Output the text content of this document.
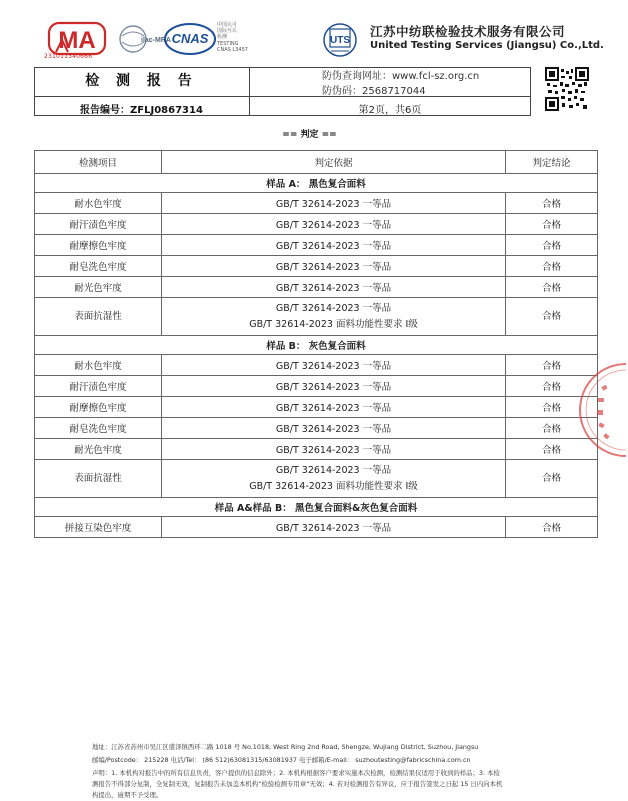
MA
231011340666
ilac-MRA CNAS
中国认可
国际互认
检测
TESTING
CNAS L3457
UTS
江苏中纺联检验技术服务有限公司
United Testing Services (Jiangsu) Co.,Ltd.
检 测 报 告
报告编号：ZFLJ0867314
防伪查询网址：www.fcl-sz.org.cn
防伪码：2568717044
第2页，共6页
== 判定 ==
检测项目	判定依据	判定结论
样品 A： 黑色复合面料		
耐水色牢度	GB/T 32614-2023 一等品	合格
耐汗渍色牢度	GB/T 32614-2023 一等品	合格
耐摩擦色牢度	GB/T 32614-2023 一等品	合格
耐皂洗色牢度	GB/T 32614-2023 一等品	合格
耐光色牢度	GB/T 32614-2023 一等品	合格
表面抗湿性	GB/T 32614-2023 一等品
GB/T 32614-2023 面料功能性要求 Ⅰ级	合格
样品 B： 灰色复合面料		
耐水色牢度	GB/T 32614-2023 一等品	合格
耐汗渍色牢度	GB/T 32614-2023 一等品	合格
耐摩擦色牢度	GB/T 32614-2023 一等品	合格
耐皂洗色牢度	GB/T 32614-2023 一等品	合格
耐光色牢度	GB/T 32614-2023 一等品	合格
表面抗湿性	GB/T 32614-2023 一等品
GB/T 32614-2023 面料功能性要求 Ⅰ级	合格
样品 A&样品 B： 黑色复合面料&灰色复合面料		
拼接互染色牢度	GB/T 32614-2023 一等品	合格
地址：江苏省苏州市吴江区盛泽镇西环二路 1018 号 No.1018, West Ring 2nd Road, Shengze, Wujiang District, Suzhou, Jiangsu
邮编/Postcode： 215228 电话/Tel： (86 512)63081315/63081937 电子邮箱/E-mail： suzhoutesting@fabricschina.com.cn
声明：1. 本机构对报告中的所有信息负责，客户提供的信息除外；2. 本机构根据客户要求实施本次检测，检测结果仅适用于收到的样品；3. 本检
测报告不得部分复制，全复制无效，复制报告未加盖本机构“检验检测专用章”无效；4. 若对检测报告有异议，应于报告签发之日起 15 日内向本机
构提出，逾期不予受理。
